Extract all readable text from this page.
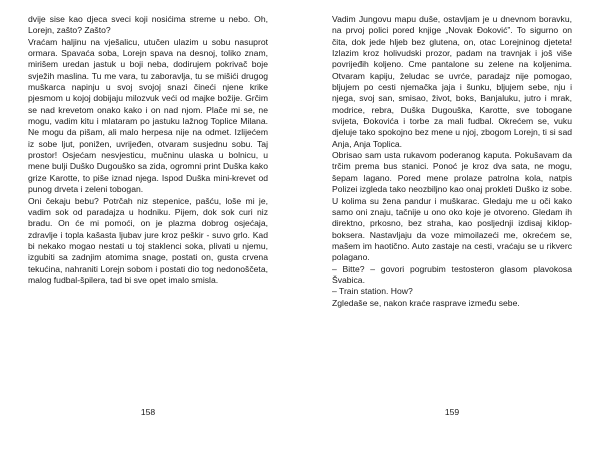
dvije sise kao djeca sveci koji nosićima streme u nebo. Oh, Lorejn, zašto? Zašto?

Vraćam haljinu na vješalicu, utučen ulazim u sobu nasuprot ormara. Spavaća soba, Lorejn spava na desnoj, toliko znam, mirišem uredan jastuk u boji neba, dodirujem pokrivač boje svježih maslina. Tu me vara, tu zaboravlja, tu se mišići drugog muškarca napinju u svoj svojoj snazi čineći njene krike pjesmom u kojoj dobijaju milozvuk veći od majke božije. Grčim se nad krevetom onako kako i on nad njom. Plače mi se, ne mogu, vadim kitu i mlataram po jastuku lažnog Toplice Milana. Ne mogu da pišam, ali malo herpesa nije na odmet. Izlijećem iz sobe ljut, ponižen, uvrijeđen, otvaram susjednu sobu. Taj prostor! Osjećam nesvjesticu, mučninu ulaska u bolnicu, u mene bulji Duško Dugouško sa zida, ogromni print Duška kako grize Karotte, to piše iznad njega. Ispod Duška mini-krevet od punog drveta i zeleni tobogan.

Oni čekaju bebu? Potrčah niz stepenice, pašću, loše mi je, vadim sok od paradajza u hodniku. Pijem, dok sok curi niz bradu. On će mi pomoći, on je plazma dobrog osjećaja, zdravlje i topla kašasta ljubav jure kroz peškir - suvo grlo. Kad bi nekako mogao nestati u toj staklenci soka, plivati u njemu, izgubiti sa zadnjim atomima snage, postati on, gusta crvena tekućina, nahraniti Lorejn sobom i postati dio tog nedonoščeta, malog fudbal-špilera, tad bi sve opet imalo smisla.

158

Vadim Jungovu mapu duše, ostavljam je u dnevnom boravku, na prvoj polici pored knjige „Novak Đoković”. To sigurno on čita, dok jede hljeb bez glutena, on, otac Lorejninog djeteta! Izlazim kroz holivudski prozor, padam na travnjak i još više povrijeđih koljeno. Cme pantalone su zelene na koljenima. Otvaram kapiju, želudac se uvrće, paradajz nije pomogao, bljujem po cesti njemačka jaja i šunku, bljujem sebe, nju i njega, svoj san, smisao, život, boks, Banjaluku, jutro i mrak, modrice, rebra, Duška Dugouška, Karotte, sve tobogane svijeta, Đokovića i torbe za mali fudbal. Okrećem se, vuku djeluje tako spokojno bez mene u njoj, zbogom Lorejn, ti si sad Anja, Anja Toplica.

Obrisao sam usta rukavom poderanog kaputa. Pokušavam da trčim prema bus stanici. Ponoć je kroz dva sata, ne mogu, šepam lagano. Pored mene prolaze patrolna kola, natpis Polizei izgleda tako neozbiljno kao onaj prokleti Duško iz sobe. U kolima su žena pandur i muškarac. Gledaju me u oči kako samo oni znaju, tačnije u ono oko koje je otvoreno. Gledam ih direktno, prkosno, bez straha, kao posljednji izdisaj kiklop-boksera. Nastavljaju da voze mimoilazeći me, okrećem se, mašem im haotično. Auto zastaje na cesti, vraćaju se u rikverc polagano.

– Bitte? – govori pogrubim testosteron glasom plavokosa Švabica.

– Train station. How?

Zgledaše se, nakon kraće rasprave između sebe.

159
